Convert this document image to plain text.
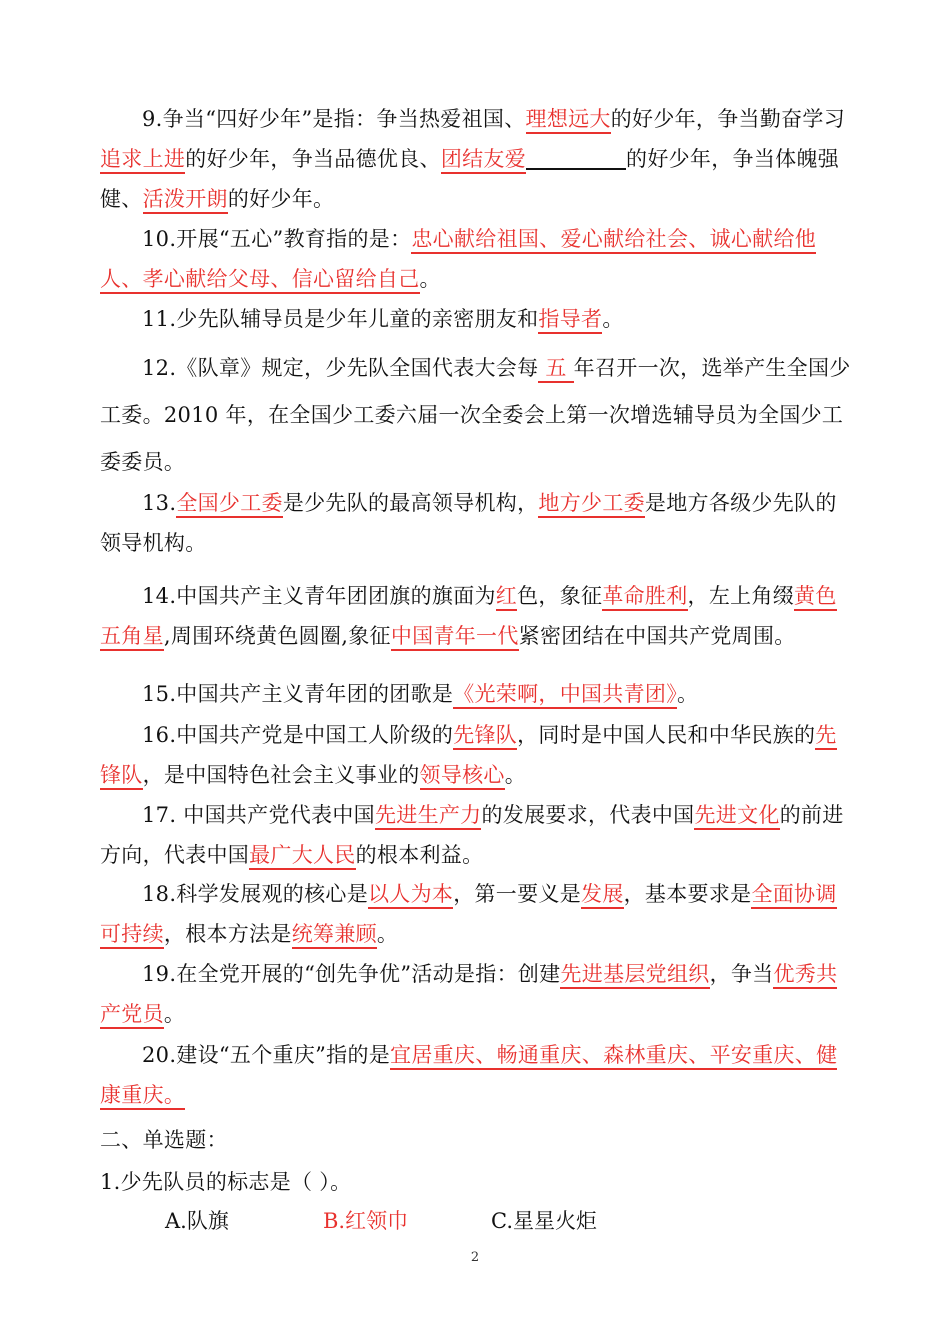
9.争当“四好少年”是指：争当热爱祖国、理想远大的好少年，争当勤奋学习追求上进的好少年，争当品德优良、团结友爱	的好少年，争当体魄强健、活泼开朗的好少年。

10.开展“五心”教育指的是：忠心献给祖国、爱心献给社会、诚心献给他人、孝心献给父母、信心留给自己。

11.少先队辅导员是少年儿童的亲密朋友和指导者。

12.《队章》规定，少先队全国代表大会每 五 年召开一次，选举产生全国少工委。2010 年，在全国少工委六届一次全委会上第一次增选辅导员为全国少工委委员。

13.全国少工委是少先队的最高领导机构，地方少工委是地方各级少先队的领导机构。

14.中国共产主义青年团团旗的旗面为红色，象征革命胜利，左上角缀黄色五角星,周围环绕黄色圆圈,象征中国青年一代紧密团结在中国共产党周围。

15.中国共产主义青年团的团歌是《光荣啊，中国共青团》。

16.中国共产党是中国工人阶级的先锋队，同时是中国人民和中华民族的先锋队，是中国特色社会主义事业的领导核心。

17. 中国共产党代表中国先进生产力的发展要求，代表中国先进文化的前进方向，代表中国最广大人民的根本利益。

18.科学发展观的核心是以人为本，第一要义是发展，基本要求是全面协调可持续，根本方法是统筹兼顾。

19.在全党开展的“创先争优”活动是指：创建先进基层党组织，争当优秀共产党员。

20.建设“五个重庆”指的是宜居重庆、畅通重庆、森林重庆、平安重庆、健康重庆。

二、单选题：

1.少先队员的标志是（ ）。

A.队旗	B.红领巾	C.星星火炬
2
